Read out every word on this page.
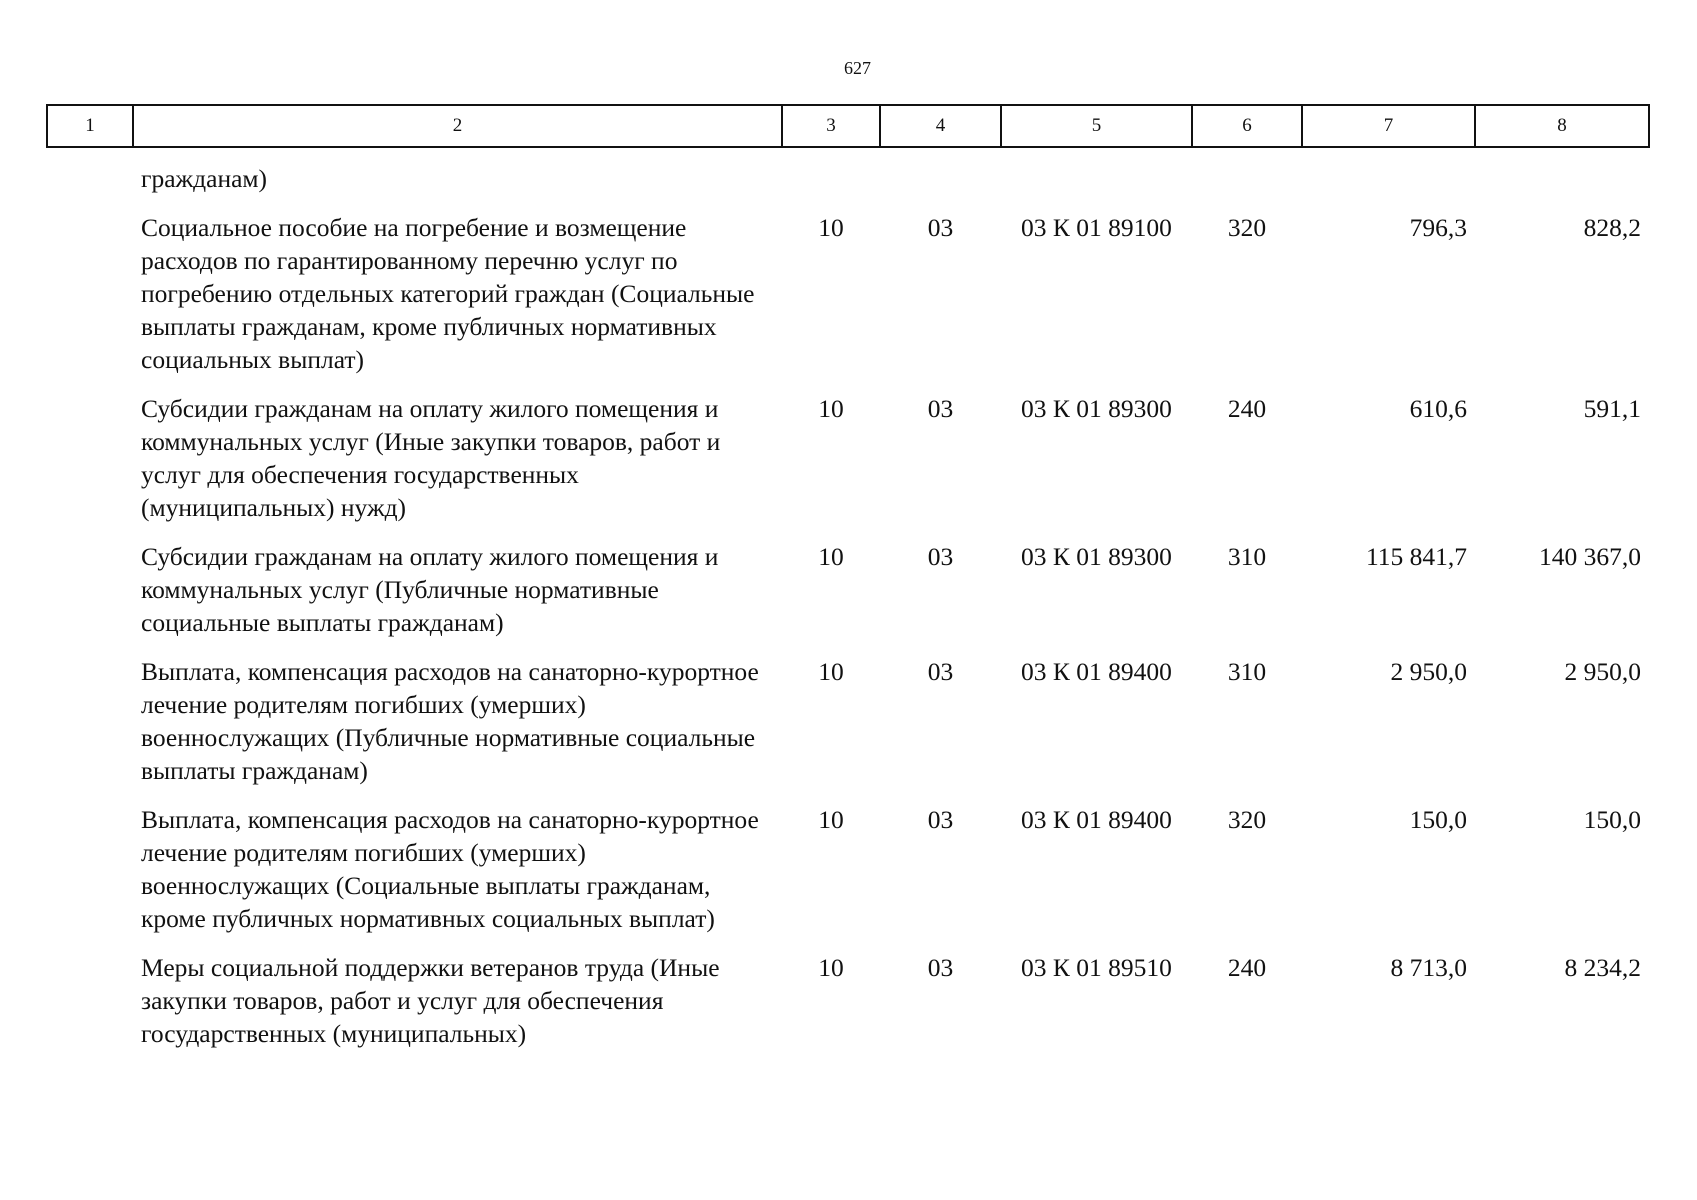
627
1	2	3	4	5	6	7	8
	гражданам)						
	Социальное пособие на погребение и возмещение расходов по гарантированному перечню услуг по погребению отдельных категорий граждан (Социальные выплаты гражданам, кроме публичных нормативных социальных выплат)	10	03	03 К 01 89100	320	796,3	828,2
	Субсидии гражданам на оплату жилого помещения и коммунальных услуг (Иные закупки товаров, работ и услуг для обеспечения государственных (муниципальных) нужд)	10	03	03 К 01 89300	240	610,6	591,1
	Субсидии гражданам на оплату жилого помещения и коммунальных услуг (Публичные нормативные социальные выплаты гражданам)	10	03	03 К 01 89300	310	115 841,7	140 367,0
	Выплата, компенсация расходов на санаторно-курортное лечение родителям погибших (умерших) военнослужащих (Публичные нормативные социальные выплаты гражданам)	10	03	03 К 01 89400	310	2 950,0	2 950,0
	Выплата, компенсация расходов на санаторно-курортное лечение родителям погибших (умерших) военнослужащих (Социальные выплаты гражданам, кроме публичных нормативных социальных выплат)	10	03	03 К 01 89400	320	150,0	150,0
	Меры социальной поддержки ветеранов труда (Иные закупки товаров, работ и услуг для обеспечения государственных (муниципальных)	10	03	03 К 01 89510	240	8 713,0	8 234,2
